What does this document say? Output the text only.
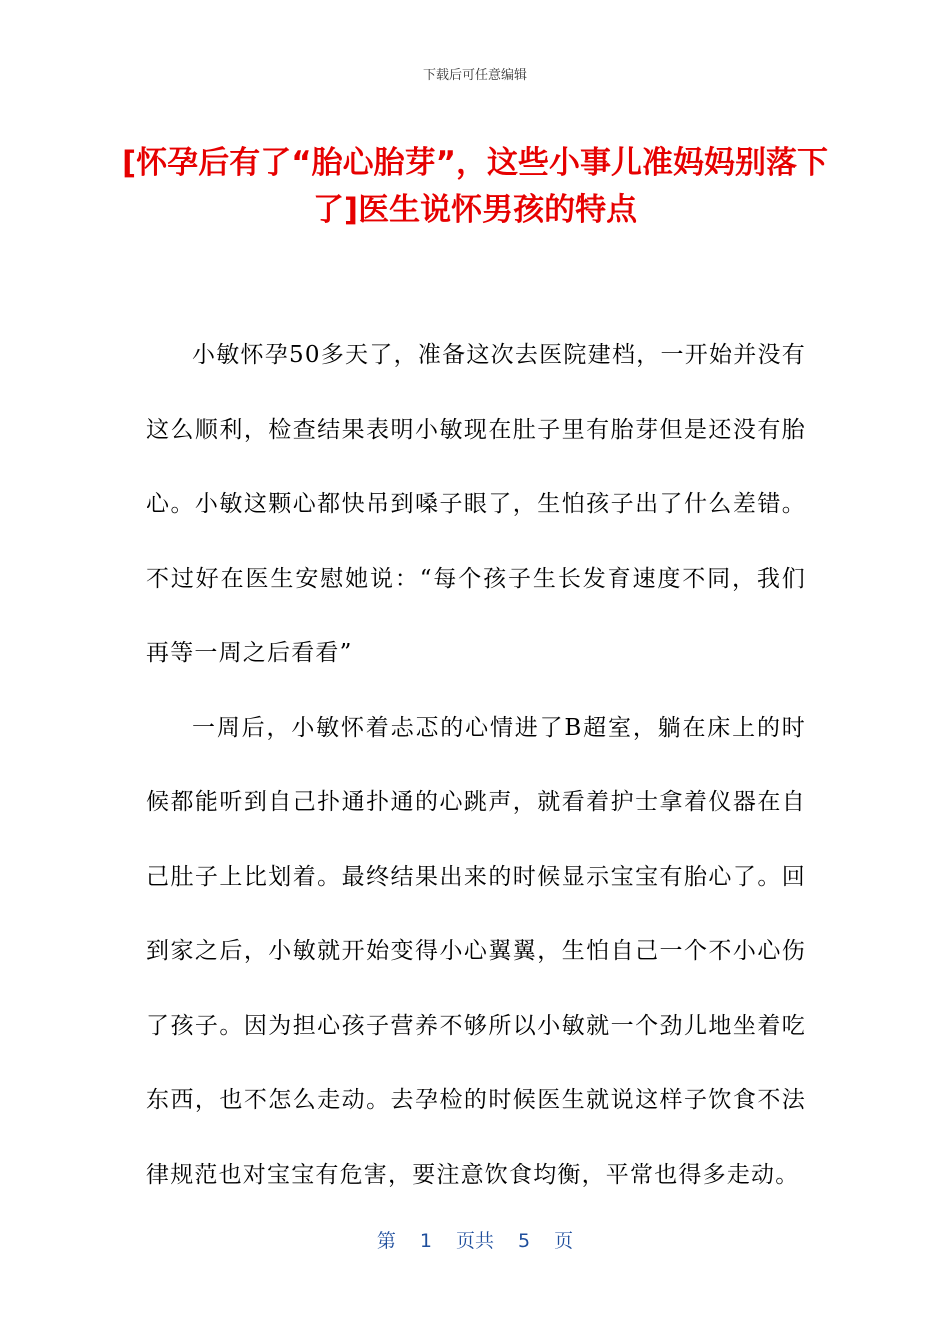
下载后可任意编辑
[怀孕后有了“胎心胎芽”，这些小事儿准妈妈别落下了]医生说怀男孩的特点

小敏怀孕50多天了，准备这次去医院建档，一开始并没有这么顺利，检查结果表明小敏现在肚子里有胎芽但是还没有胎心。小敏这颗心都快吊到嗓子眼了，生怕孩子出了什么差错。不过好在医生安慰她说：“每个孩子生长发育速度不同，我们再等一周之后看看”

一周后，小敏怀着忐忑的心情进了B超室，躺在床上的时候都能听到自己扑通扑通的心跳声，就看着护士拿着仪器在自己肚子上比划着。最终结果出来的时候显示宝宝有胎心了。回到家之后，小敏就开始变得小心翼翼，生怕自己一个不小心伤了孩子。因为担心孩子营养不够所以小敏就一个劲儿地坐着吃东西，也不怎么走动。去孕检的时候医生就说这样子饮食不法律规范也对宝宝有危害，要注意饮食均衡，平常也得多走动。

第 1 页共 5 页
